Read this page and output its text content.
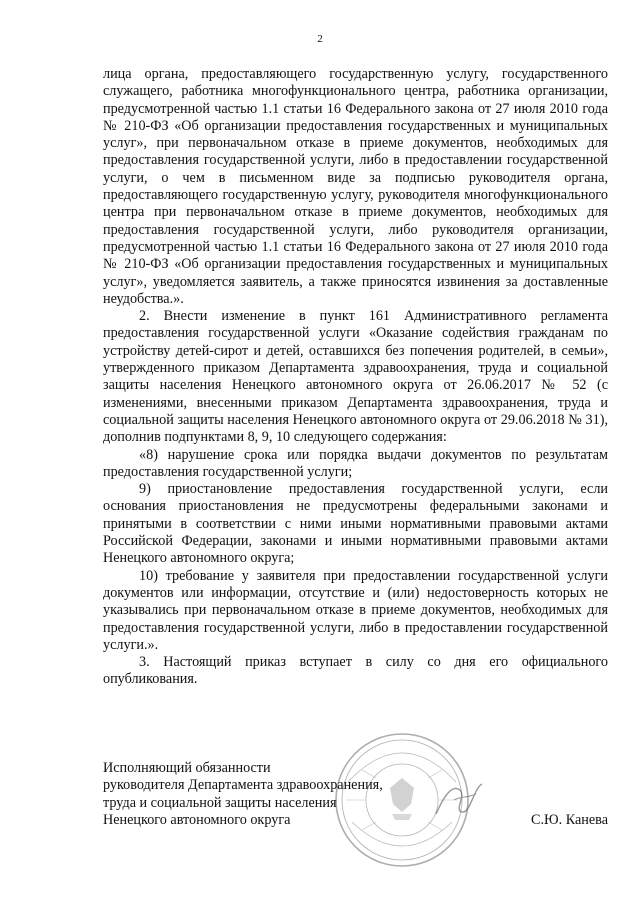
2

лица органа, предоставляющего государственную услугу, государственного служащего, работника многофункционального центра, работника организации, предусмотренной частью 1.1 статьи 16 Федерального закона от 27 июля 2010 года № 210-ФЗ «Об организации предоставления государственных и муниципальных услуг», при первоначальном отказе в приеме документов, необходимых для предоставления государственной услуги, либо в предоставлении государственной услуги, о чем в письменном виде за подписью руководителя органа, предоставляющего государственную услугу, руководителя многофункционального центра при первоначальном отказе в приеме документов, необходимых для предоставления государственной услуги, либо руководителя организации, предусмотренной частью 1.1 статьи 16 Федерального закона от 27 июля 2010 года № 210-ФЗ «Об организации предоставления государственных и муниципальных услуг», уведомляется заявитель, а также приносятся извинения за доставленные неудобства.».

2. Внести изменение в пункт 161 Административного регламента предоставления государственной услуги «Оказание содействия гражданам по устройству детей-сирот и детей, оставшихся без попечения родителей, в семьи», утвержденного приказом Департамента здравоохранения, труда и социальной защиты населения Ненецкого автономного округа от 26.06.2017 № 52 (с изменениями, внесенными приказом Департамента здравоохранения, труда и социальной защиты населения Ненецкого автономного округа от 29.06.2018 № 31), дополнив подпунктами 8, 9, 10 следующего содержания:

«8) нарушение срока или порядка выдачи документов по результатам предоставления государственной услуги;

9) приостановление предоставления государственной услуги, если основания приостановления не предусмотрены федеральными законами и принятыми в соответствии с ними иными нормативными правовыми актами Российской Федерации, законами и иными нормативными правовыми актами Ненецкого автономного округа;

10) требование у заявителя при предоставлении государственной услуги документов или информации, отсутствие и (или) недостоверность которых не указывались при первоначальном отказе в приеме документов, необходимых для предоставления государственной услуги, либо в предоставлении государственной услуги.».

3. Настоящий приказ вступает в силу со дня его официального опубликования.

Исполняющий обязанности
руководителя Департамента здравоохранения,
труда и социальной защиты населения
Ненецкого автономного округа	С.Ю. Канева
